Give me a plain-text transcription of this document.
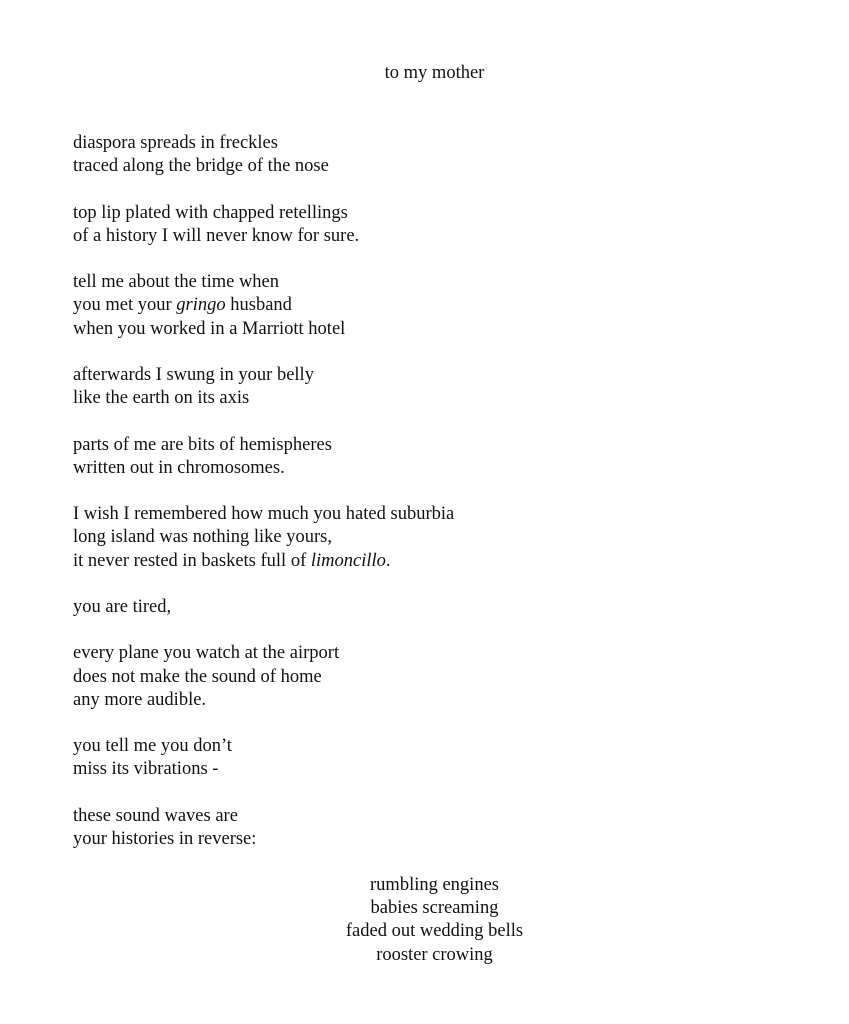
to my mother
diaspora spreads in freckles
traced along the bridge of the nose
top lip plated with chapped retellings
of a history I will never know for sure.
tell me about the time when
you met your gringo husband
when you worked in a Marriott hotel
afterwards I swung in your belly
like the earth on its axis
parts of me are bits of hemispheres
written out in chromosomes.
I wish I remembered how much you hated suburbia
long island was nothing like yours,
it never rested in baskets full of limoncillo.
you are tired,
every plane you watch at the airport
does not make the sound of home
any more audible.
you tell me you don’t
miss its vibrations -
these sound waves are
your histories in reverse:
rumbling engines
babies screaming
faded out wedding bells
rooster crowing
